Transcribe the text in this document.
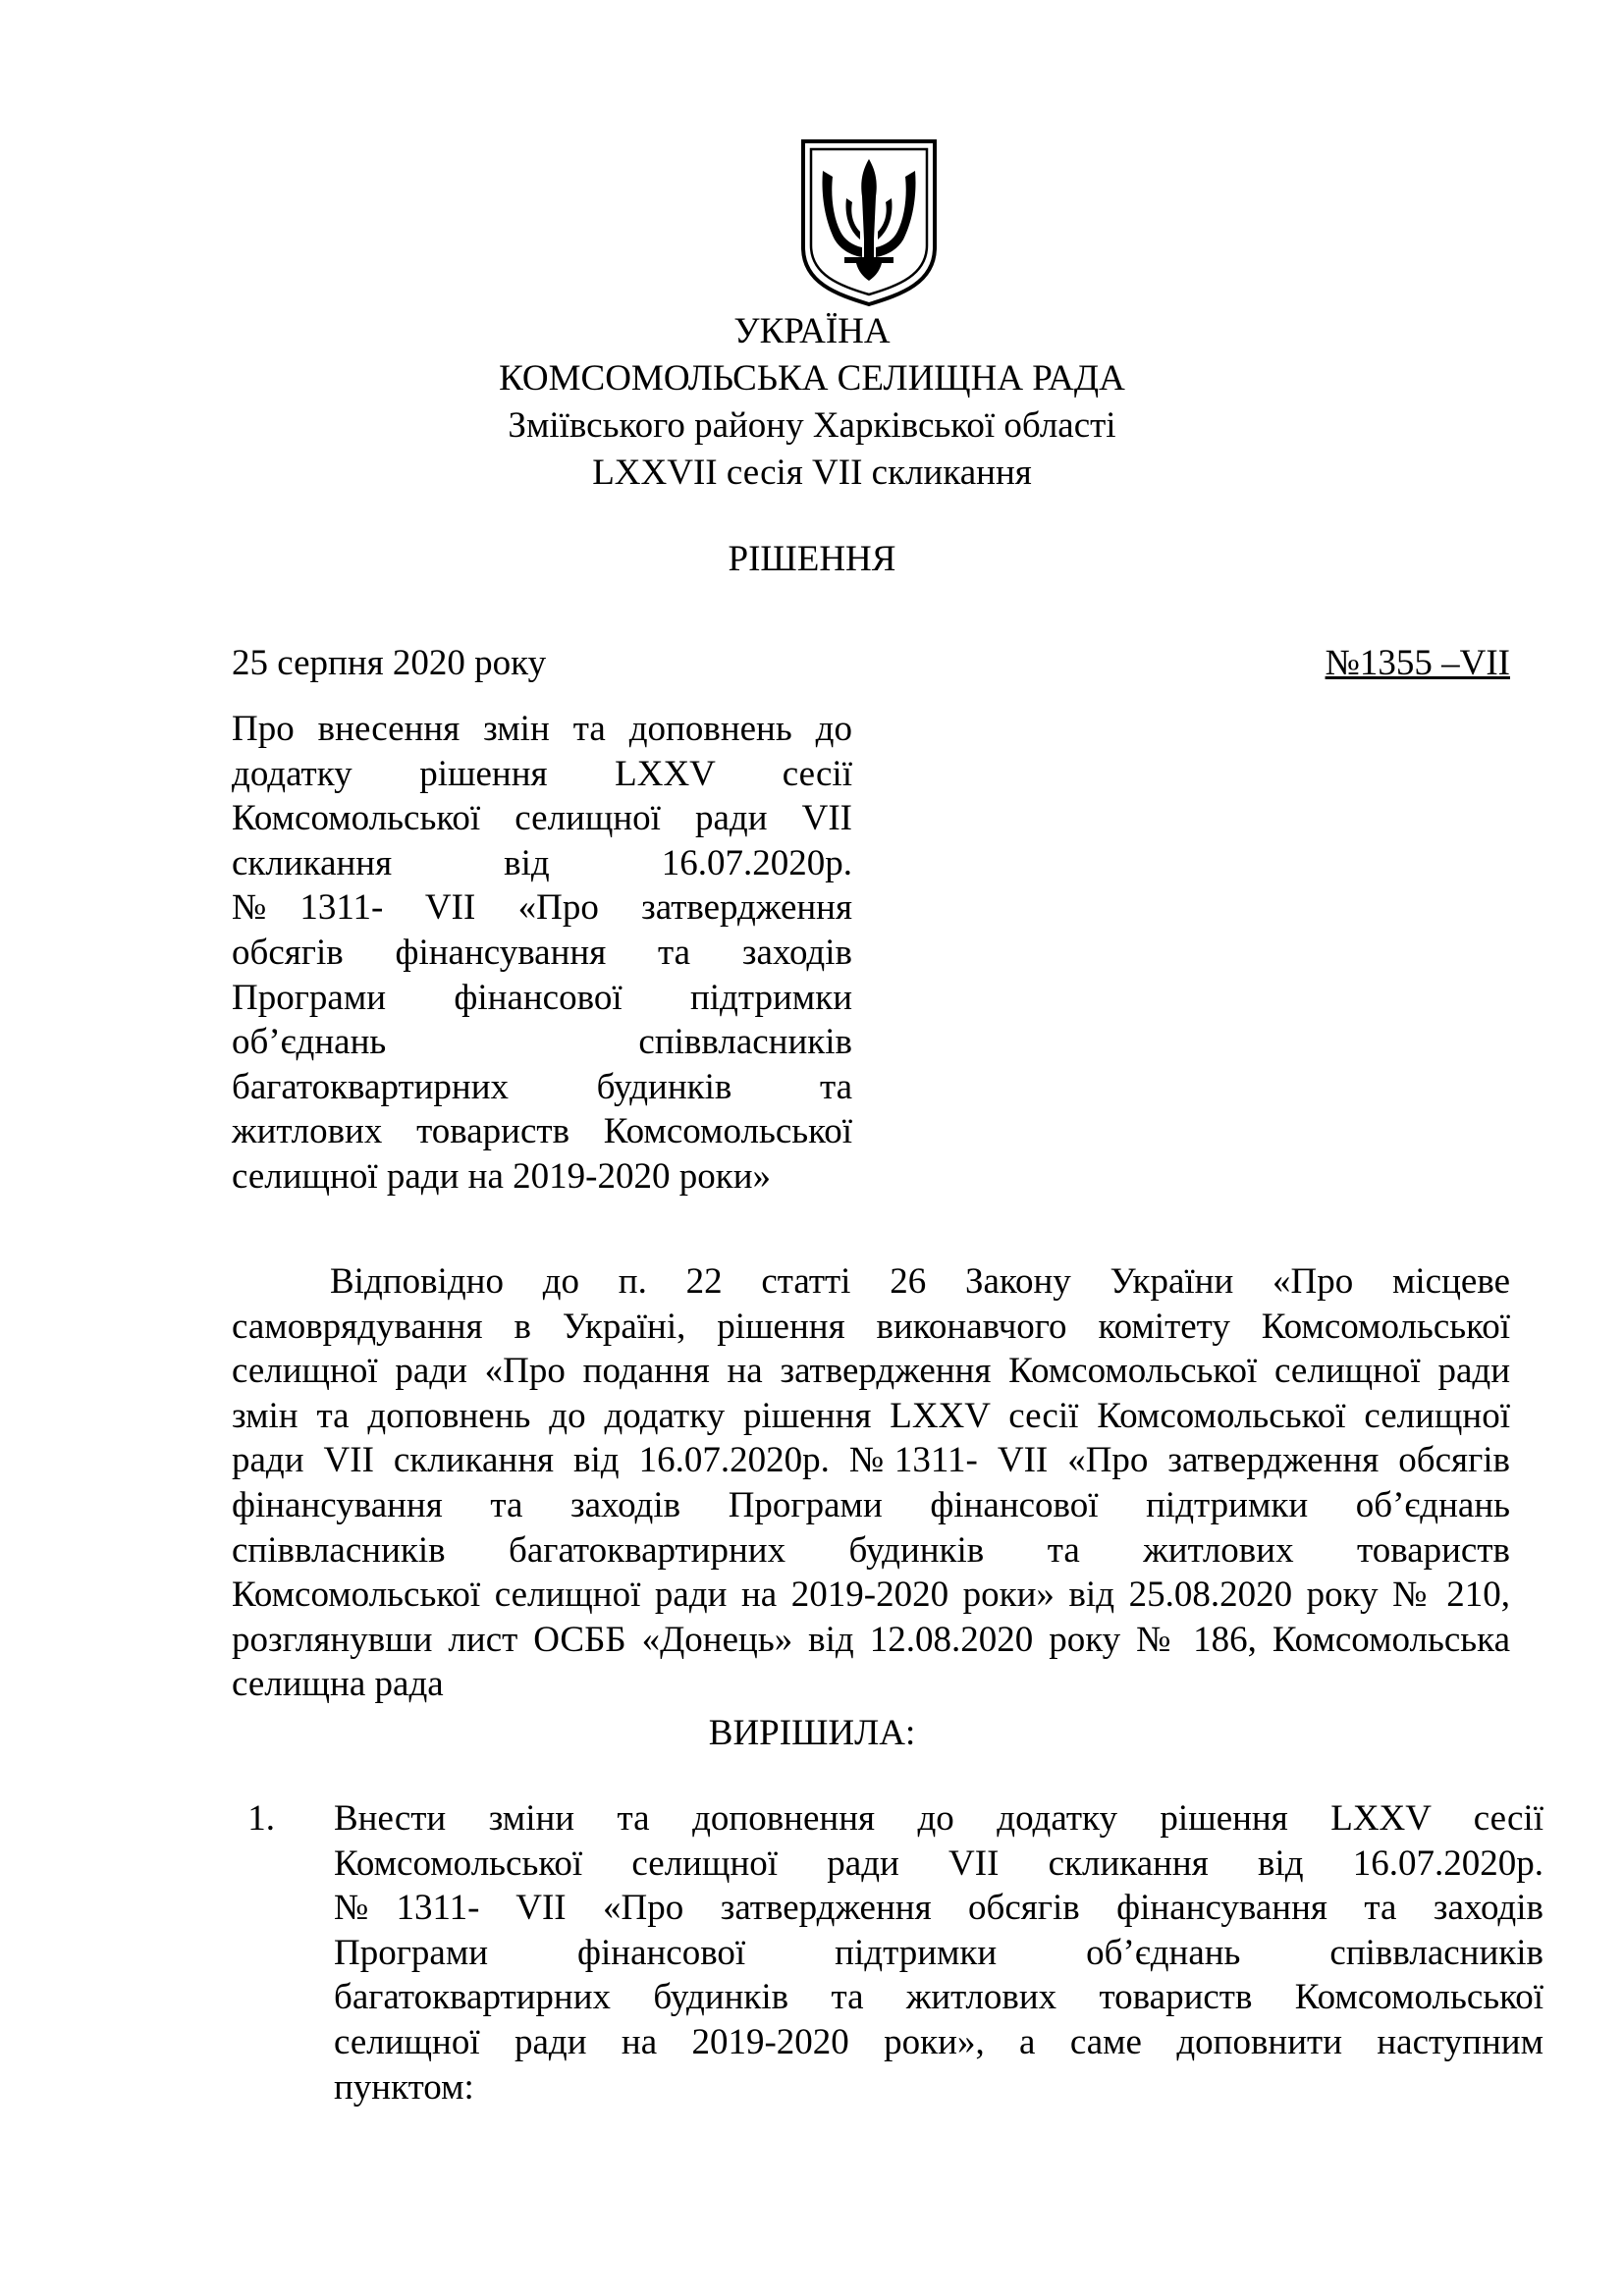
УКРАЇНА
КОМСОМОЛЬСЬКА СЕЛИЩНА РАДА
Зміївського району Харківської області
LXXVII сесія VII скликання
РІШЕННЯ
25 серпня 2020 року	№1355 –VII
Про внесення змін та доповнень до
додатку рішення LXXV сесії
Комсомольської селищної ради VII
скликання від 16.07.2020р.
№1311- VII «Про затвердження
обсягів фінансування та заходів
Програми фінансової підтримки
об’єднань співвласників
багатоквартирних будинків та
житлових товариств Комсомольської
селищної ради на 2019-2020 роки»
Відповідно до п. 22 статті 26 Закону України «Про місцеве
самоврядування в Україні, рішення виконавчого комітету Комсомольської
селищної ради «Про подання на затвердження Комсомольської селищної ради
змін та доповнень до додатку рішення LXXV сесії Комсомольської селищної
ради VII скликання від 16.07.2020р. №1311- VII «Про затвердження обсягів
фінансування та заходів Програми фінансової підтримки об’єднань
співвласників багатоквартирних будинків та житлових товариств
Комсомольської селищної ради на 2019-2020 роки» від 25.08.2020 року № 210,
розглянувши лист ОСББ «Донець» від 12.08.2020 року № 186, Комсомольська
селищна рада
ВИРІШИЛА:
1. Внести зміни та доповнення до додатку рішення LXXV сесії
Комсомольської селищної ради VII скликання від 16.07.2020р.
№1311- VII «Про затвердження обсягів фінансування та заходів
Програми фінансової підтримки об’єднань співвласників
багатоквартирних будинків та житлових товариств Комсомольської
селищної ради на 2019-2020 роки», а саме доповнити наступним
пунктом:
